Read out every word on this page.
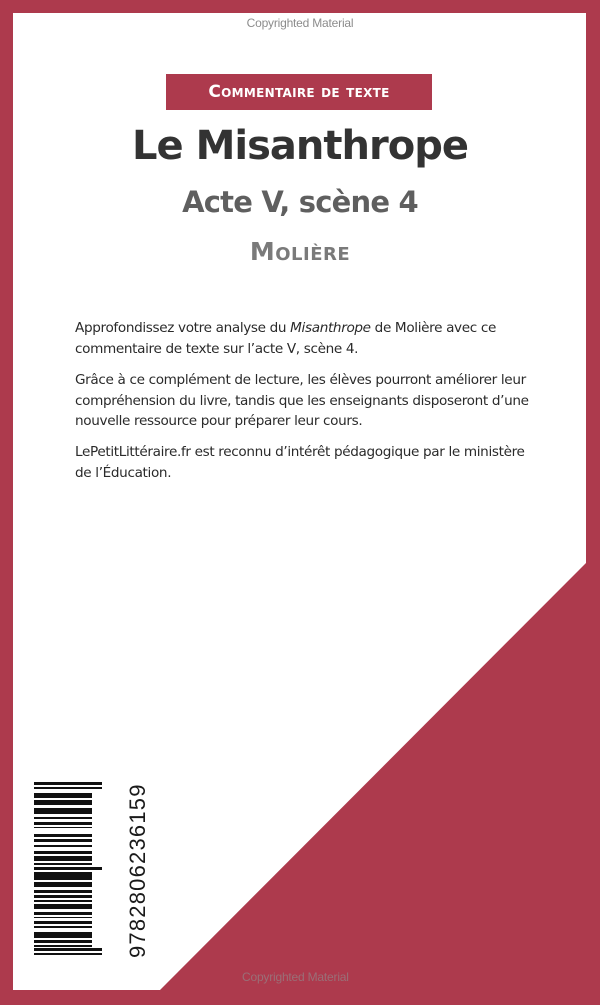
Copyrighted Material
Commentaire de texte
Le Misanthrope
Acte V, scène 4
Molière

Approfondissez votre analyse du Misanthrope de Molière avec ce commentaire de texte sur l’acte V, scène 4.

Grâce à ce complément de lecture, les élèves pourront améliorer leur compréhension du livre, tandis que les enseignants disposeront d’une nouvelle ressource pour préparer leur cours.

LePetitLittéraire.fr est reconnu d’intérêt pédagogique par le ministère de l’Éducation.

9782806236159
Copyrighted Material
